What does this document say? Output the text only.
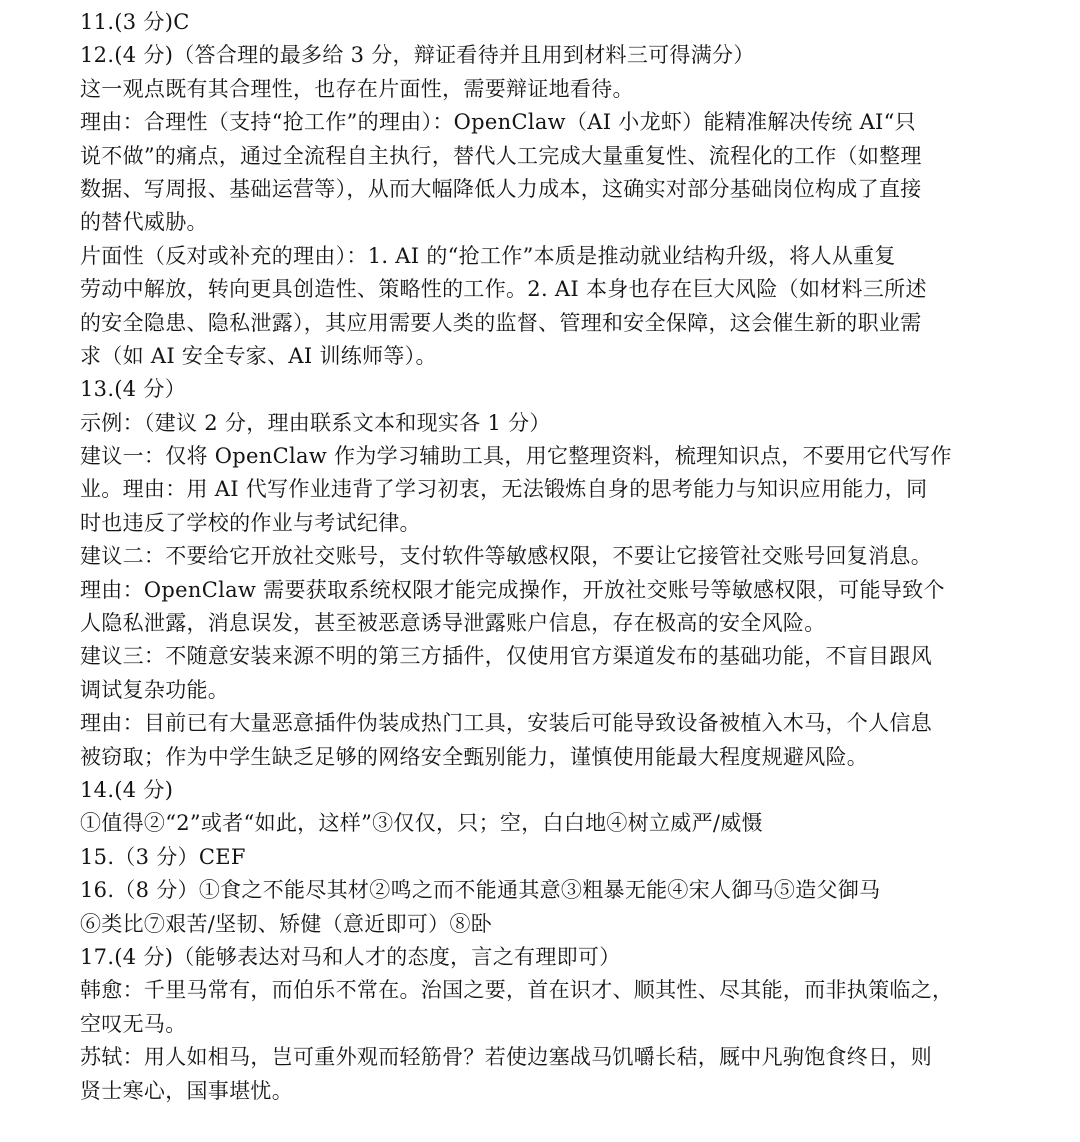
11.(3 分)C
12.(4 分)（答合理的最多给 3 分，辩证看待并且用到材料三可得满分）
这一观点既有其合理性，也存在片面性，需要辩证地看待。
理由：合理性（支持“抢工作”的理由）：OpenClaw（AI 小龙虾）能精准解决传统 AI“只
说不做”的痛点，通过全流程自主执行，替代人工完成大量重复性、流程化的工作（如整理
数据、写周报、基础运营等），从而大幅降低人力成本，这确实对部分基础岗位构成了直接
的替代威胁。
片面性（反对或补充的理由）：1. AI 的“抢工作”本质是推动就业结构升级，将人从重复
劳动中解放，转向更具创造性、策略性的工作。2. AI 本身也存在巨大风险（如材料三所述
的安全隐患、隐私泄露），其应用需要人类的监督、管理和安全保障，这会催生新的职业需
求（如 AI 安全专家、AI 训练师等）。
13.(4 分）
示例：（建议 2 分，理由联系文本和现实各 1 分）
建议一：仅将 OpenClaw 作为学习辅助工具，用它整理资料，梳理知识点，不要用它代写作
业。理由：用 AI 代写作业违背了学习初衷，无法锻炼自身的思考能力与知识应用能力，同
时也违反了学校的作业与考试纪律。
建议二：不要给它开放社交账号，支付软件等敏感权限，不要让它接管社交账号回复消息。
理由：OpenClaw 需要获取系统权限才能完成操作，开放社交账号等敏感权限，可能导致个
人隐私泄露，消息误发，甚至被恶意诱导泄露账户信息，存在极高的安全风险。
建议三：不随意安装来源不明的第三方插件，仅使用官方渠道发布的基础功能，不盲目跟风
调试复杂功能。
理由：目前已有大量恶意插件伪装成热门工具，安装后可能导致设备被植入木马，个人信息
被窃取；作为中学生缺乏足够的网络安全甄别能力，谨慎使用能最大程度规避风险。
14.(4 分)
①值得②“2”或者“如此，这样”③仅仅，只；空，白白地④树立威严/威慑
15.（3 分）CEF
16.（8 分）①食之不能尽其材②鸣之而不能通其意③粗暴无能④宋人御马⑤造父御马
⑥类比⑦艰苦/坚韧、矫健（意近即可）⑧卧
17.(4 分)（能够表达对马和人才的态度，言之有理即可）
韩愈：千里马常有，而伯乐不常在。治国之要，首在识才、顺其性、尽其能，而非执策临之，
空叹无马。
苏轼：用人如相马，岂可重外观而轻筋骨？若使边塞战马饥嚼长秸，厩中凡驹饱食终日，则
贤士寒心，国事堪忧。
